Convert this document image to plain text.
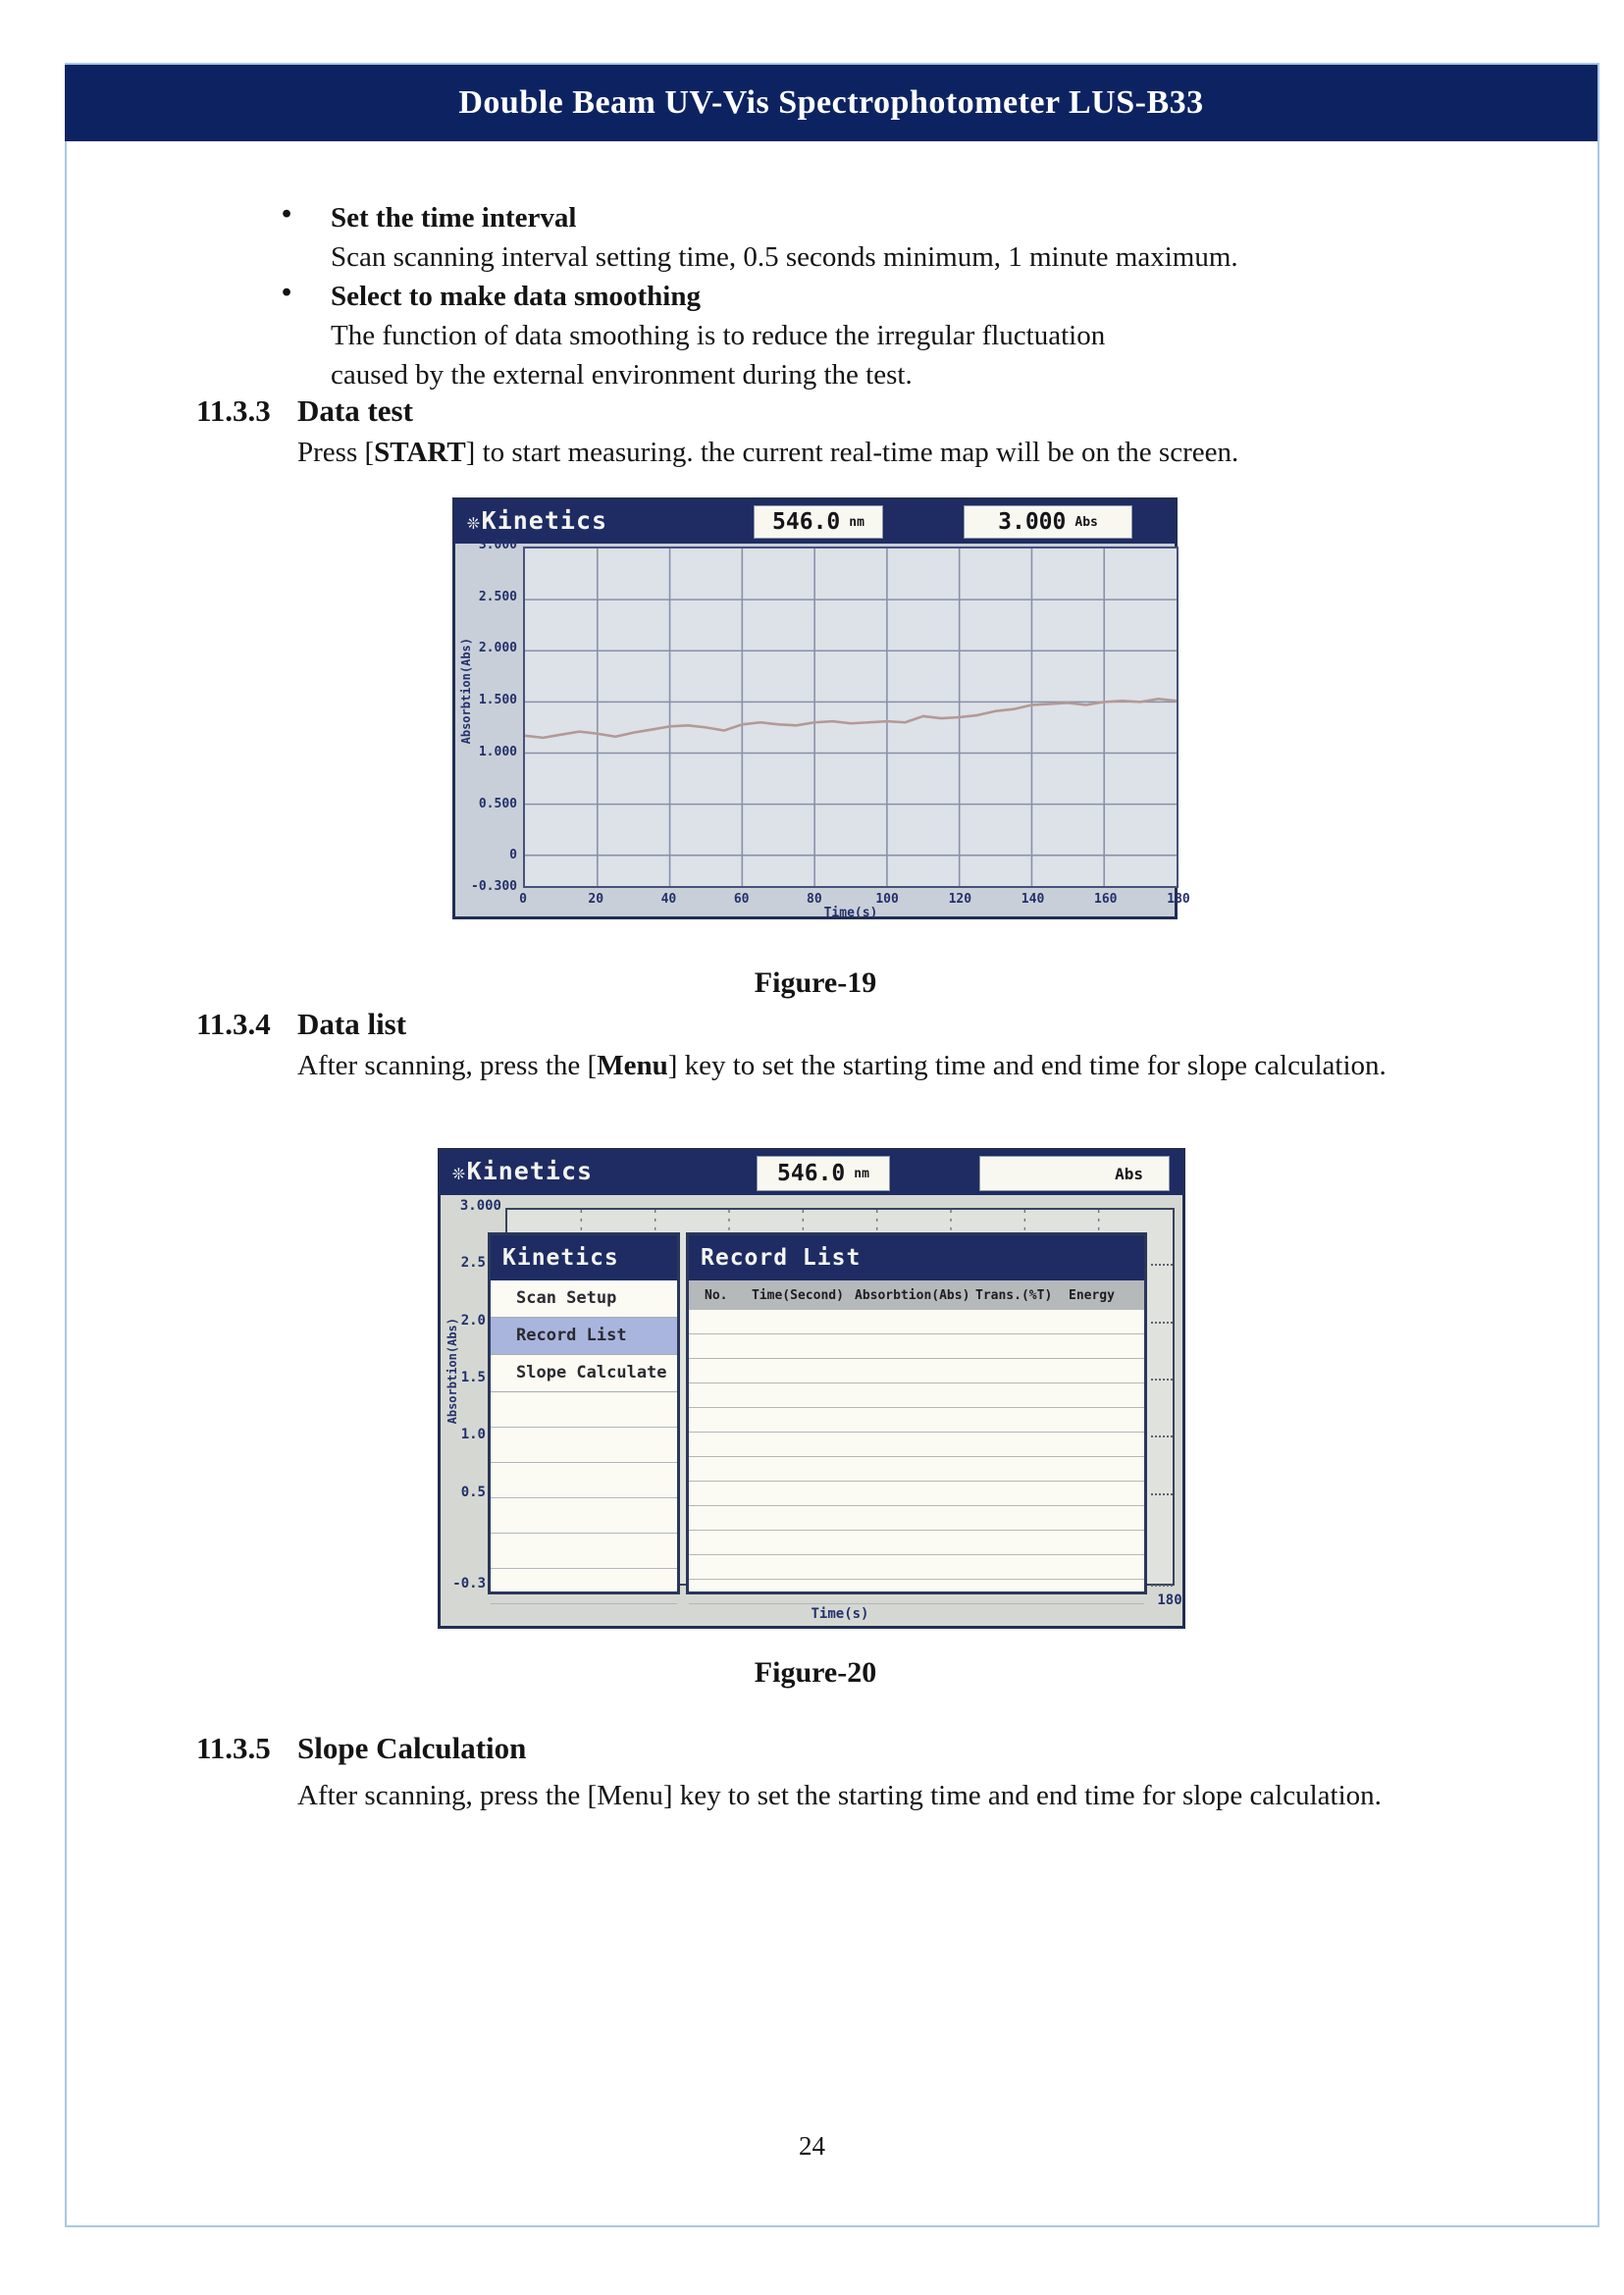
Double Beam UV-Vis Spectrophotometer LUS-B33
• Set the time interval
Scan scanning interval setting time, 0.5 seconds minimum, 1 minute maximum.
• Select to make data smoothing
The function of data smoothing is to reduce the irregular fluctuation caused by the external environment during the test.
11.3.3 Data test
Press [START] to start measuring. the current real-time map will be on the screen.
❊Kinetics	546.0 nm	3.000 Abs
3.000
2.500
2.000
1.500
1.000
0.500
0
-0.300
0	20	40	60	80	100	120	140	160	180
Absorbtion(Abs)
Time(s)
Figure-19
11.3.4 Data list
After scanning, press the [Menu] key to set the starting time and end time for slope calculation.
❊Kinetics	546.0 nm	Abs
3.000
2.5
2.0
1.5
1.0
0.5
-0.3
Absorbtion(Abs)
180
Time(s)
Kinetics
Scan Setup
Record List
Slope Calculate
Record List
No.	Time(Second) Absorbtion(Abs) Trans.(%T)	Energy
Figure-20
11.3.5 Slope Calculation
After scanning, press the [Menu] key to set the starting time and end time for slope calculation.
24
